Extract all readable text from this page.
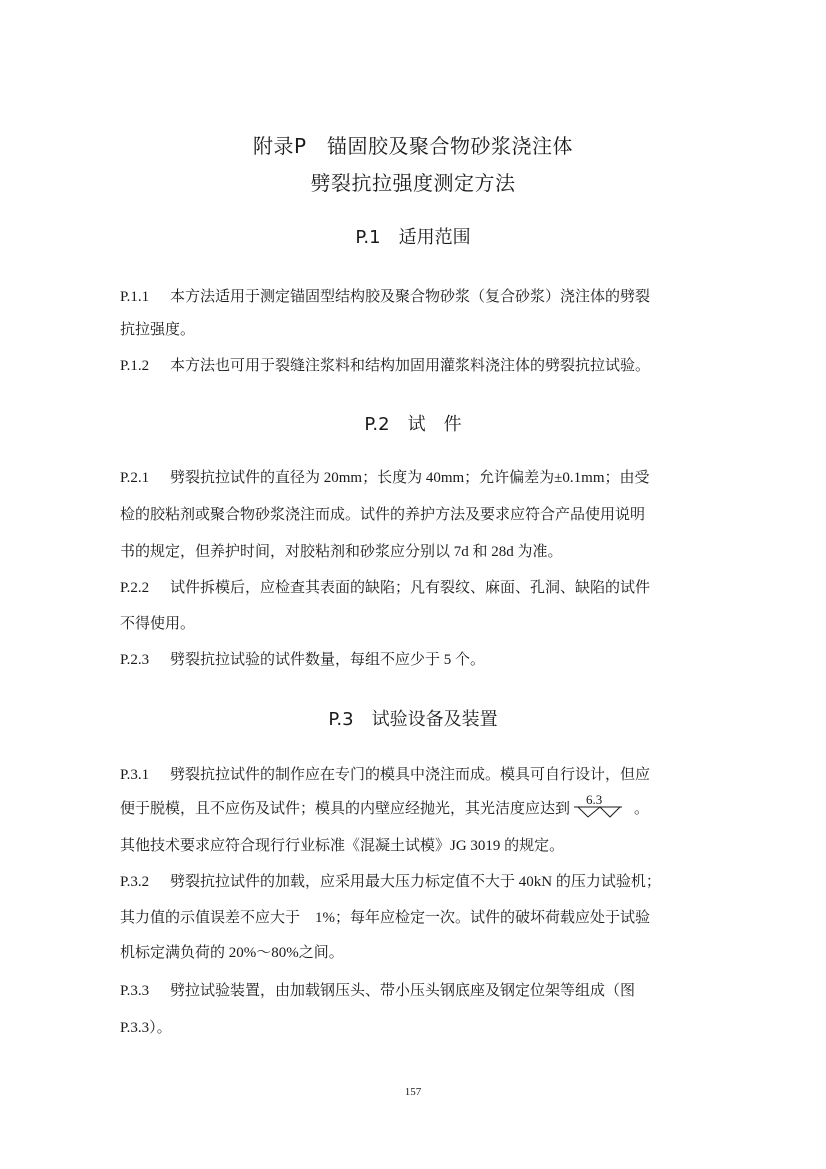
附录P　锚固胶及聚合物砂浆浇注体
劈裂抗拉强度测定方法
P.1　适用范围
P.1.1 本方法适用于测定锚固型结构胶及聚合物砂浆（复合砂浆）浇注体的劈裂
抗拉强度。
P.1.2 本方法也可用于裂缝注浆料和结构加固用灌浆料浇注体的劈裂抗拉试验。
P.2　试　件
P.2.1 劈裂抗拉试件的直径为 20mm；长度为 40mm；允许偏差为±0.1mm；由受
检的胶粘剂或聚合物砂浆浇注而成。试件的养护方法及要求应符合产品使用说明
书的规定，但养护时间，对胶粘剂和砂浆应分别以 7d 和 28d 为准。
P.2.2 试件拆模后，应检查其表面的缺陷；凡有裂纹、麻面、孔洞、缺陷的试件
不得使用。
P.2.3 劈裂抗拉试验的试件数量，每组不应少于 5 个。
P.3　试验设备及装置
P.3.1 劈裂抗拉试件的制作应在专门的模具中浇注而成。模具可自行设计，但应
便于脱模，且不应伤及试件；模具的内壁应经抛光，其光洁度应达到
6.3
。
其他技术要求应符合现行行业标准《混凝土试模》JG 3019 的规定。
P.3.2 劈裂抗拉试件的加载，应采用最大压力标定值不大于 40kN 的压力试验机；
其力值的示值误差不应大于　1%；每年应检定一次。试件的破坏荷载应处于试验
机标定满负荷的 20%～80%之间。
P.3.3 劈拉试验装置，由加载钢压头、带小压头钢底座及钢定位架等组成（图
P.3.3）。
157
